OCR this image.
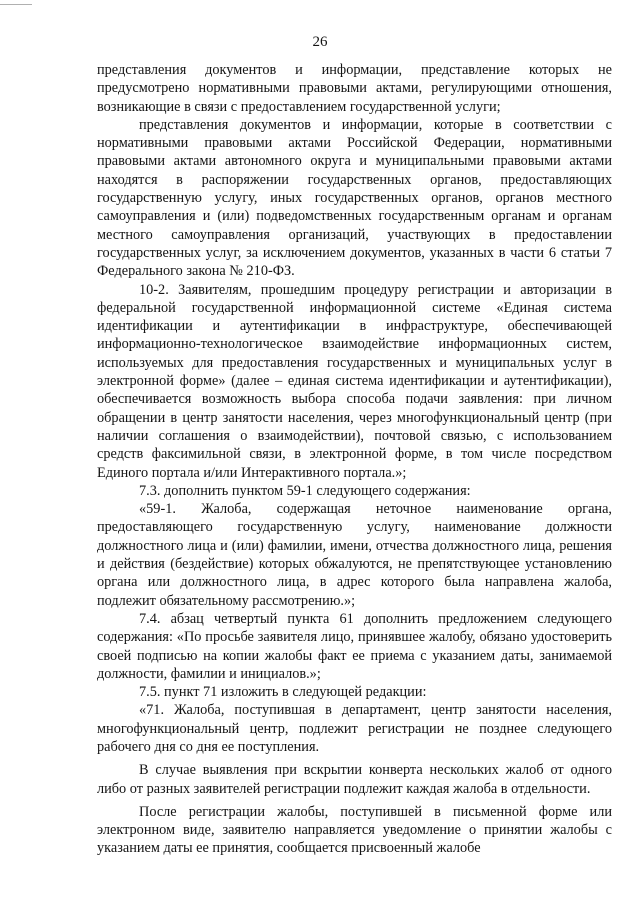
26

представления документов и информации, представление которых не предусмотрено нормативными правовыми актами, регулирующими отношения, возникающие в связи с предоставлением государственной услуги;

представления документов и информации, которые в соответствии с нормативными правовыми актами Российской Федерации, нормативными правовыми актами автономного округа и муниципальными правовыми актами находятся в распоряжении государственных органов, предоставляющих государственную услугу, иных государственных органов, органов местного самоуправления и (или) подведомственных государственным органам и органам местного самоуправления организаций, участвующих в предоставлении государственных услуг, за исключением документов, указанных в части 6 статьи 7 Федерального закона № 210-ФЗ.

10-2. Заявителям, прошедшим процедуру регистрации и авторизации в федеральной государственной информационной системе «Единая система идентификации и аутентификации в инфраструктуре, обеспечивающей информационно-технологическое взаимодействие информационных систем, используемых для предоставления государственных и муниципальных услуг в электронной форме» (далее – единая система идентификации и аутентификации), обеспечивается возможность выбора способа подачи заявления: при личном обращении в центр занятости населения, через многофункциональный центр (при наличии соглашения о взаимодействии), почтовой связью, с использованием средств факсимильной связи, в электронной форме, в том числе посредством Единого портала и/или Интерактивного портала.»;

7.3. дополнить пунктом 59-1 следующего содержания:

«59-1. Жалоба, содержащая неточное наименование органа, предоставляющего государственную услугу, наименование должности должностного лица и (или) фамилии, имени, отчества должностного лица, решения и действия (бездействие) которых обжалуются, не препятствующее установлению органа или должностного лица, в адрес которого была направлена жалоба, подлежит обязательному рассмотрению.»;

7.4. абзац четвертый пункта 61 дополнить предложением следующего содержания: «По просьбе заявителя лицо, принявшее жалобу, обязано удостоверить своей подписью на копии жалобы факт ее приема с указанием даты, занимаемой должности, фамилии и инициалов.»;

7.5. пункт 71 изложить в следующей редакции:

«71. Жалоба, поступившая в департамент, центр занятости населения, многофункциональный центр, подлежит регистрации не позднее следующего рабочего дня со дня ее поступления.

В случае выявления при вскрытии конверта нескольких жалоб от одного либо от разных заявителей регистрации подлежит каждая жалоба в отдельности.

После регистрации жалобы, поступившей в письменной форме или электронном виде, заявителю направляется уведомление о принятии жалобы с указанием даты ее принятия, сообщается присвоенный жалобе
